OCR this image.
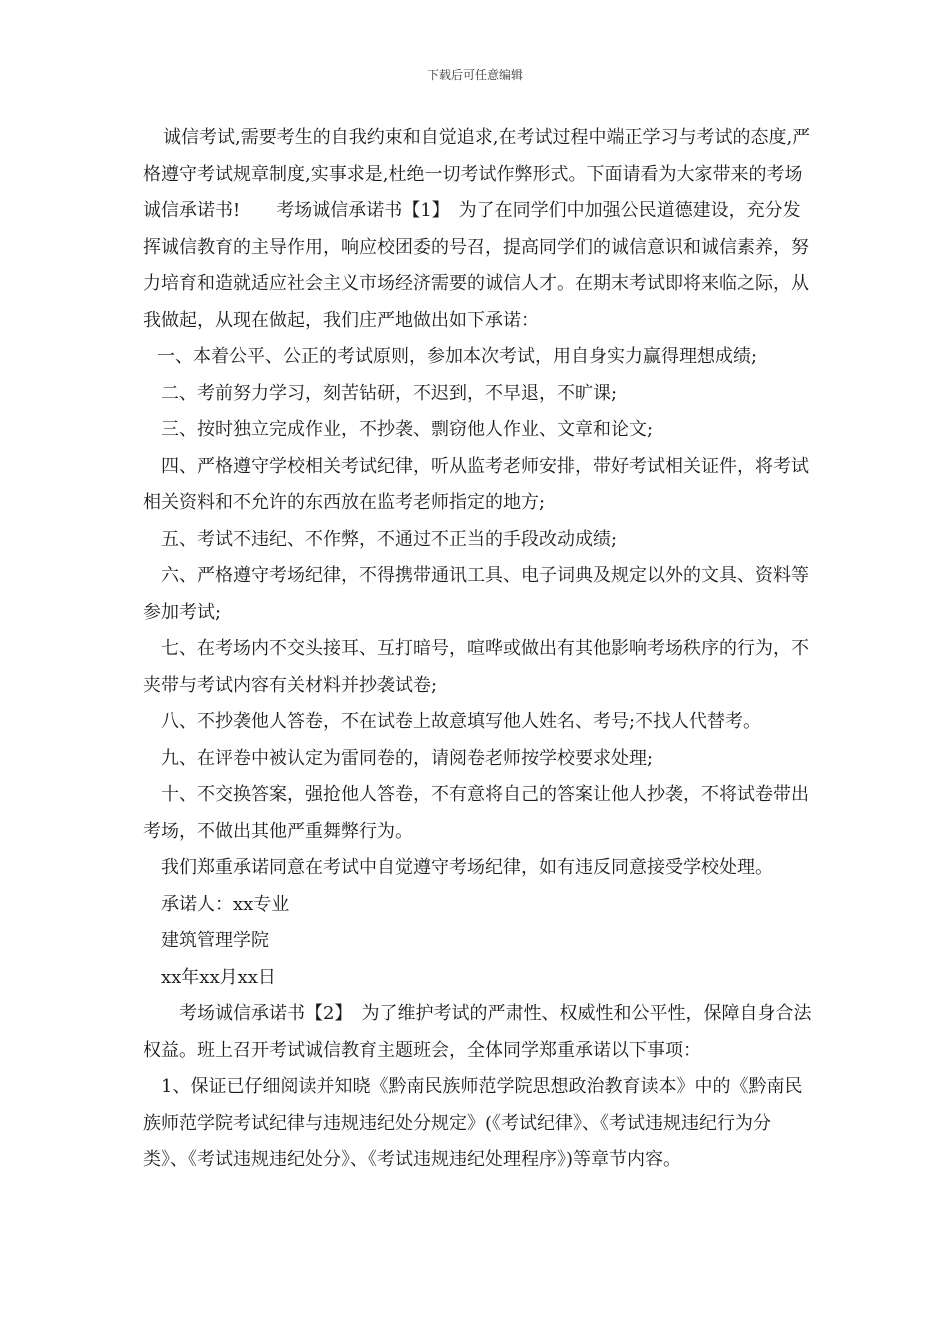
下载后可任意编辑

诚信考试,需要考生的自我约束和自觉追求,在考试过程中端正学习与考试的态度,严格遵守考试规章制度,实事求是,杜绝一切考试作弊形式。下面请看为大家带来的考场诚信承诺书!　　考场诚信承诺书【1】　为了在同学们中加强公民道德建设，充分发挥诚信教育的主导作用，响应校团委的号召，提高同学们的诚信意识和诚信素养，努力培育和造就适应社会主义市场经济需要的诚信人才。在期末考试即将来临之际，从我做起，从现在做起，我们庄严地做出如下承诺：

一、本着公平、公正的考试原则，参加本次考试，用自身实力赢得理想成绩;

二、考前努力学习，刻苦钻研，不迟到，不早退，不旷课;

三、按时独立完成作业，不抄袭、剽窃他人作业、文章和论文;

四、严格遵守学校相关考试纪律，听从监考老师安排，带好考试相关证件，将考试相关资料和不允许的东西放在监考老师指定的地方;

五、考试不违纪、不作弊，不通过不正当的手段改动成绩;

六、严格遵守考场纪律，不得携带通讯工具、电子词典及规定以外的文具、资料等参加考试;

七、在考场内不交头接耳、互打暗号，喧哗或做出有其他影响考场秩序的行为，不夹带与考试内容有关材料并抄袭试卷;

八、不抄袭他人答卷，不在试卷上故意填写他人姓名、考号;不找人代替考。

九、在评卷中被认定为雷同卷的，请阅卷老师按学校要求处理;

十、不交换答案，强抢他人答卷，不有意将自己的答案让他人抄袭，不将试卷带出考场，不做出其他严重舞弊行为。

我们郑重承诺同意在考试中自觉遵守考场纪律，如有违反同意接受学校处理。

承诺人：xx专业

建筑管理学院

xx年xx月xx日

考场诚信承诺书【2】　为了维护考试的严肃性、权威性和公平性，保障自身合法权益。班上召开考试诚信教育主题班会，全体同学郑重承诺以下事项：

1、保证已仔细阅读并知晓《黔南民族师范学院思想政治教育读本》中的《黔南民族师范学院考试纪律与违规违纪处分规定》(《考试纪律》、《考试违规违纪行为分类》、《考试违规违纪处分》、《考试违规违纪处理程序》)等章节内容。
